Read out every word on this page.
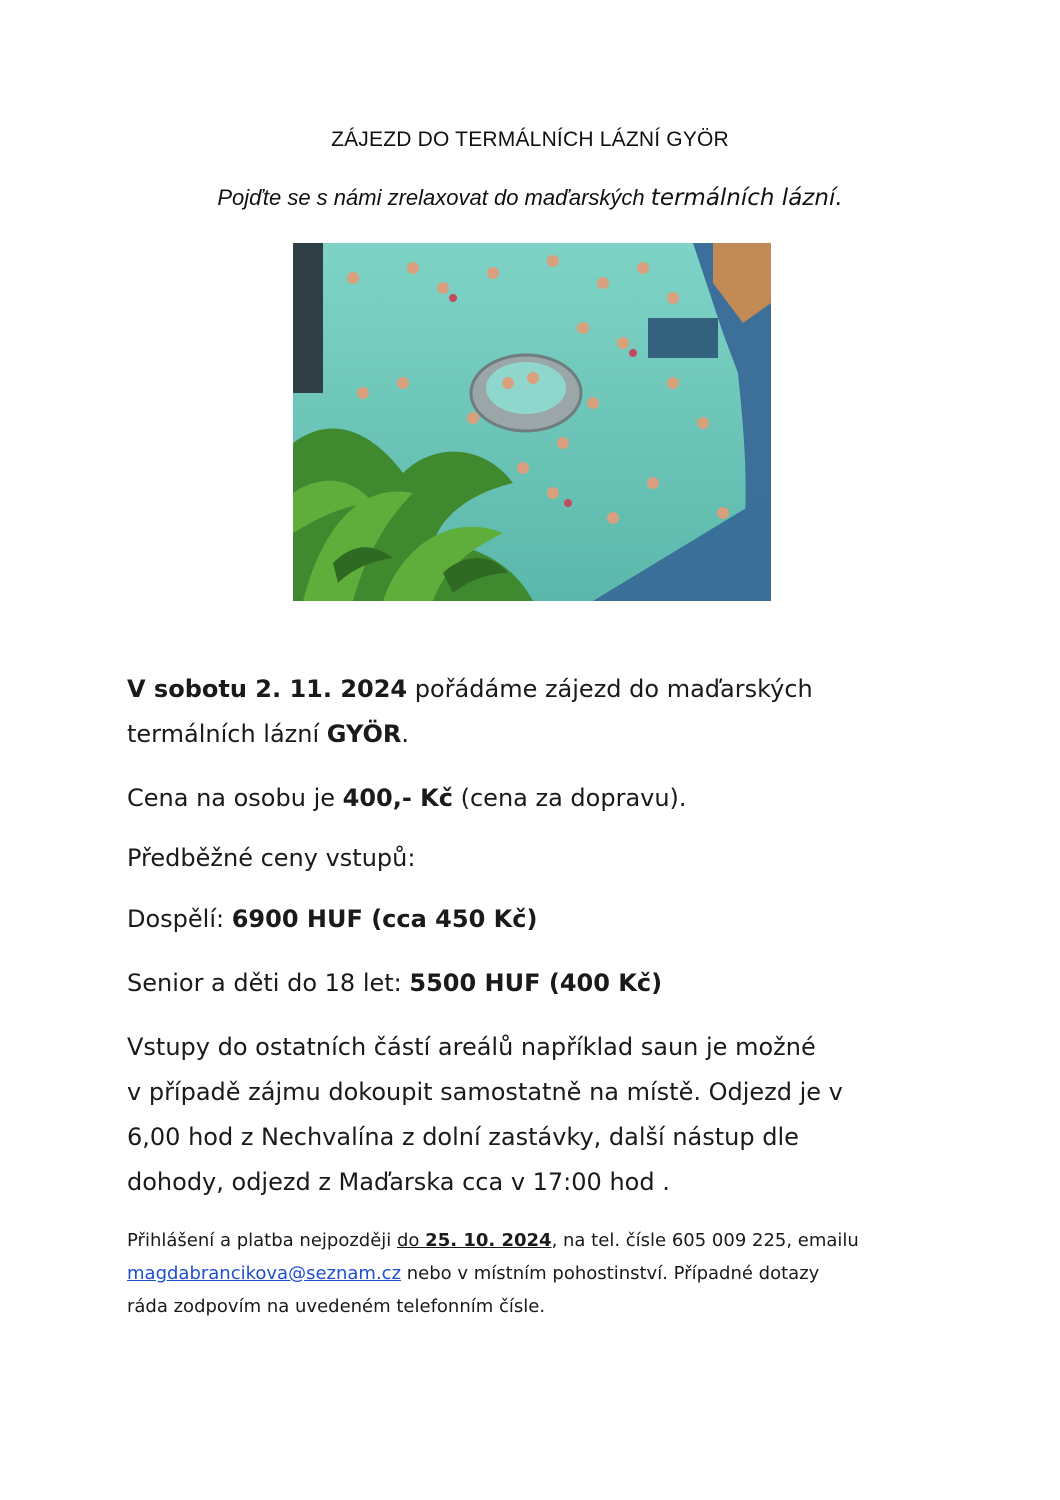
ZÁJEZD DO TERMÁLNÍCH LÁZNÍ GYÖR
Pojďte se s námi zrelaxovat do maďarských termálních lázní.
V sobotu 2. 11. 2024 pořádáme zájezd do maďarských
termálních lázní GYÖR.
Cena na osobu je 400,- Kč (cena za dopravu).
Předběžné ceny vstupů:
Dospělí: 6900 HUF (cca 450 Kč)
Senior a děti do 18 let: 5500 HUF (400 Kč)
Vstupy do ostatních částí areálů například saun je možné
v případě zájmu dokoupit samostatně na místě. Odjezd je v
6,00 hod z Nechvalína z dolní zastávky, další nástup dle
dohody, odjezd z Maďarska cca v 17:00 hod .
Přihlášení a platba nejpozději do 25. 10. 2024, na tel. čísle 605 009 225, emailu
magdabrancikova@seznam.cz nebo v místním pohostinství. Případné dotazy
ráda zodpovím na uvedeném telefonním čísle.
